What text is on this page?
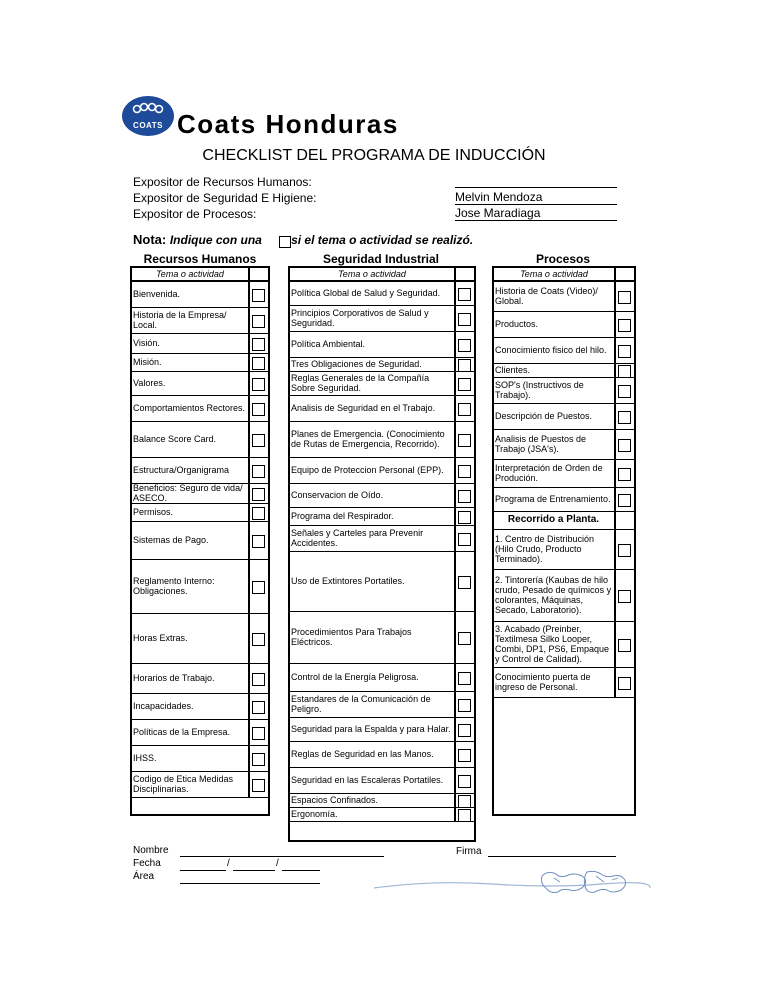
COATS Coats Honduras
CHECKLIST DEL PROGRAMA DE INDUCCIÓN
Expositor de Recursos Humanos:
Expositor de Seguridad E Higiene:	Melvin Mendoza
Expositor de Procesos:	Jose Maradiaga
Nota: Indique con una si el tema o actividad se realizó.
Recursos Humanos	Seguridad Industrial	Procesos
Tema o actividad
Bienvenida.
Historia de la Empresa/ Local.
Visión.
Misión.
Valores.
Comportamientos Rectores.
Balance Score Card.
Estructura/Organigrama
Beneficios: Seguro de vida/ ASECO.
Permisos.
Sistemas de Pago.
Reglamento Interno: Obligaciones.
Horas Extras.
Horarios de Trabajo.
Incapacidades.
Políticas de la Empresa.
IHSS.
Codigo de Etica Medidas Disciplinarias.
Tema o actividad
Política Global de Salud y Seguridad.
Principios Corporativos de Salud y Seguridad.
Política Ambiental.
Tres Obligaciones de Seguridad.
Reglas Generales de la Compañía Sobre Seguridad.
Analisis de Seguridad en el Trabajo.
Planes de Emergencia. (Conocimiento de Rutas de Emergencia, Recorrido).
Equipo de Proteccion Personal (EPP).
Conservacion de Oído.
Programa del Respirador.
Señales y Carteles para Prevenir Accidentes.
Uso de Extintores Portatiles.
Procedimientos Para Trabajos Eléctricos.
Control de la Energía Peligrosa.
Estandares de la Comunicación de Peligro.
Seguridad para la Espalda y para Halar.
Reglas de Seguridad en las Manos.
Seguridad en las Escaleras Portatiles.
Espacios Confinados.
Ergonomía.
Tema o actividad
Historia de Coats (Video)/ Global.
Productos.
Conocimiento fisico del hilo.
Clientes.
SOP's (Instructivos de Trabajo).
Descripción de Puestos.
Analisis de Puestos de Trabajo (JSA's).
Interpretación de Orden de Produción.
Programa de Entrenamiento.
Recorrido a Planta.
1. Centro de Distribución (Hilo Crudo, Producto Terminado).
2. Tintorería (Kaubas de hilo crudo, Pesado de químicos y colorantes, Máquinas, Secado, Laboratorio).
3. Acabado (Preinber, Textilmesa Silko Looper, Combi, DP1, PS6, Empaque y Control de Calidad).
Conocimiento puerta de ingreso de Personal.
Nombre
Fecha	/	/
Área
Firma
